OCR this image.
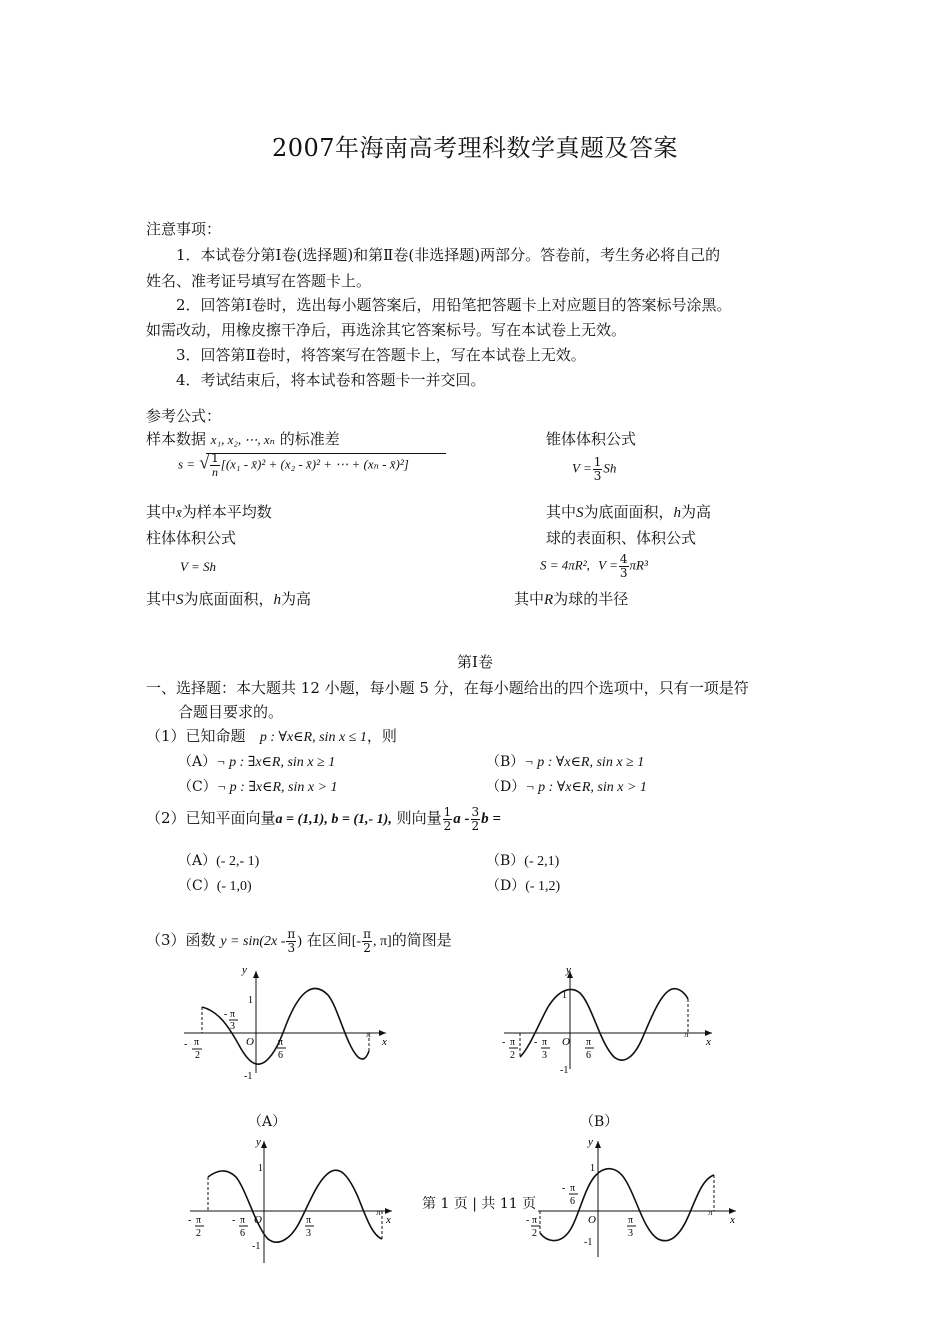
2007年海南高考理科数学真题及答案
注意事项：
1．本试卷分第Ⅰ卷(选择题)和第Ⅱ卷(非选择题)两部分。答卷前，考生务必将自己的
姓名、准考证号填写在答题卡上。
2．回答第Ⅰ卷时，选出每小题答案后，用铅笔把答题卡上对应题目的答案标号涂黑。
如需改动，用橡皮擦干净后，再选涂其它答案标号。写在本试卷上无效。
3．回答第Ⅱ卷时，将答案写在答题卡上，写在本试卷上无效。
4．考试结束后，将本试卷和答题卡一并交回。
参考公式：
样本数据 x₁, x₂, ⋯, xₙ 的标准差
s = √ $\frac{1}{n} [(x_1$ - x̄)² + (x₂ - x̄)² + ⋯ + (xₙ - x̄)²]
锥体体积公式
$V = \frac{1}{3}$ Sh
其中x̄为样本平均数	其中S为底面面积，h为高
柱体体积公式	球的表面积、体积公式
V = Sh	S = 4πR², $V = \frac{4}{3} \pi R^3$
其中S为底面面积，h为高	其中R为球的半径
第Ⅰ卷
一、选择题：本大题共 12 小题，每小题 5 分，在每小题给出的四个选项中，只有一项是符
合题目要求的。
（1）已知命题 p : ∀x∈R, sin x ≤ 1，则
（A）¬ p : ∃x∈R, sin x ≥ 1	（B）¬ p : ∀x∈R, sin x ≥ 1
（C）¬ p : ∃x∈R, sin x > 1	（D）¬ p : ∀x∈R, sin x > 1
（2）已知平面向量a = (1,1), b = (1,- 1), 则向量 $\frac{1}{2}$ a - $\frac{3}{2}$ b =
（A）(- 2,- 1)	（B）(- 2,1)
（C）(- 1,0)	（D）(- 1,2)
（3）函数 $y = \sin(2x - \frac{\pi}{3}$ ) 在区间[- $\frac{\pi}{2}$ , π]的简图是
y
x
O
1
-1
π
- π
2
- π
3
π
6
（A）
y
x
O
1
-1
π
- π
2
- π
3
π
6
（B）
y
x
O
1
-1
π
- π
2
- π
6
π
3
y
x
O
1
-1
π
- π
2
- π
6
π
3
第 1 页 | 共 11 页
